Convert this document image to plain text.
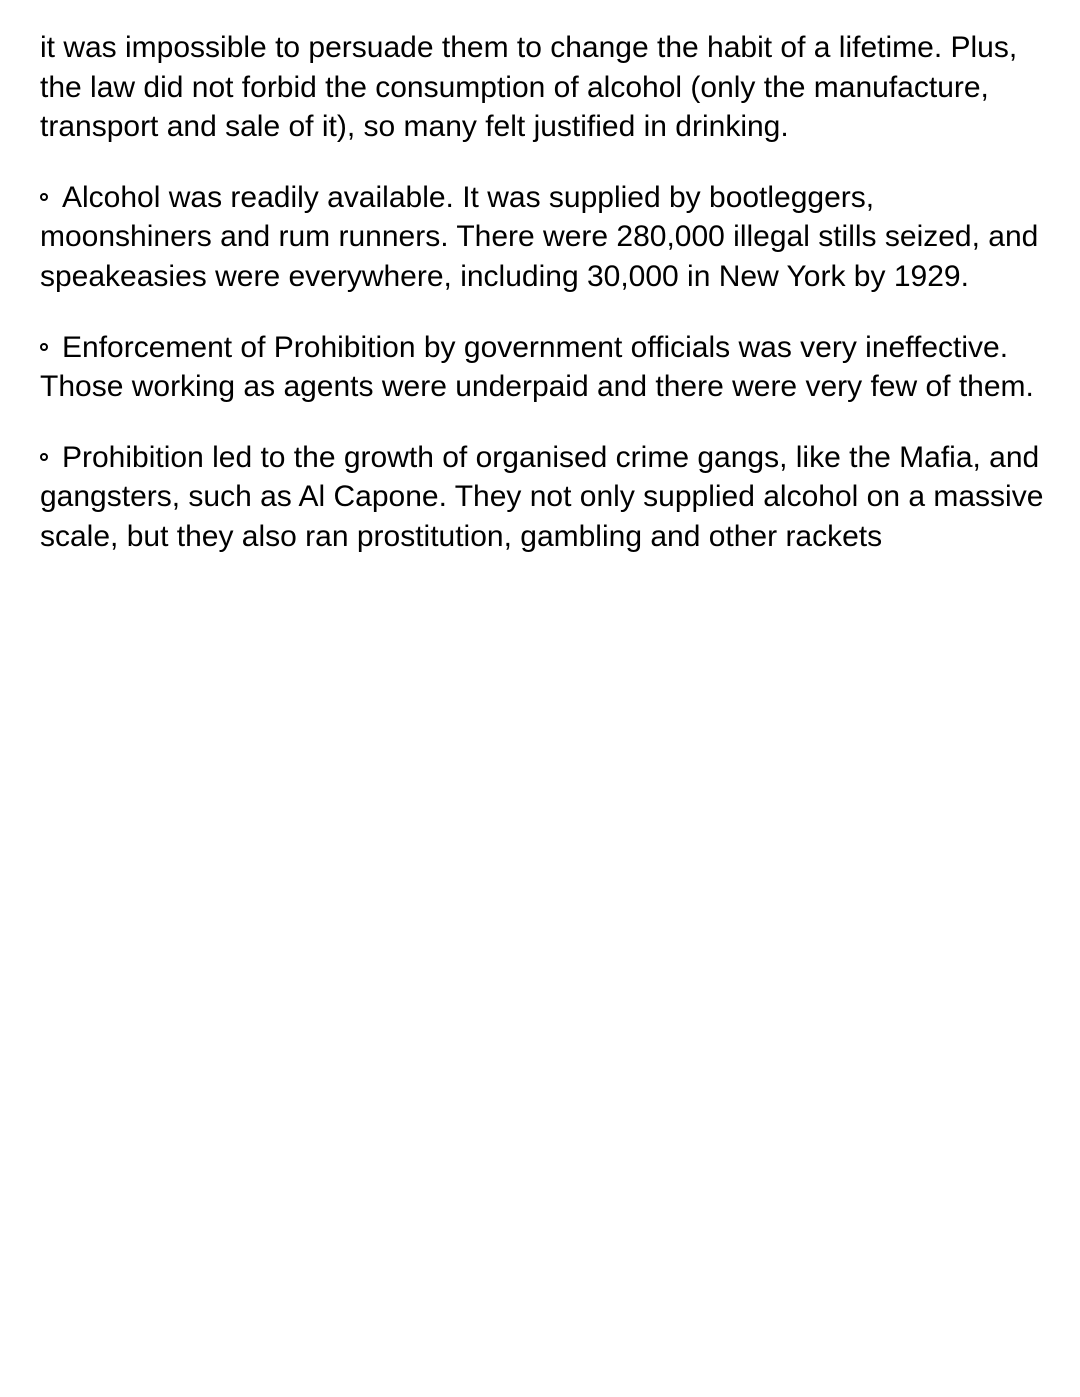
it was impossible to persuade them to change the habit of a lifetime. Plus, the law did not forbid the consumption of alcohol (only the manufacture, transport and sale of it), so many felt justified in drinking.

Alcohol was readily available. It was supplied by bootleggers, moonshiners and rum runners. There were 280,000 illegal stills seized, and speakeasies were everywhere, including 30,000 in New York by 1929.

Enforcement of Prohibition by government officials was very ineffective. Those working as agents were underpaid and there were very few of them.

Prohibition led to the growth of organised crime gangs, like the Mafia, and gangsters, such as Al Capone. They not only supplied alcohol on a massive scale, but they also ran prostitution, gambling and other rackets
